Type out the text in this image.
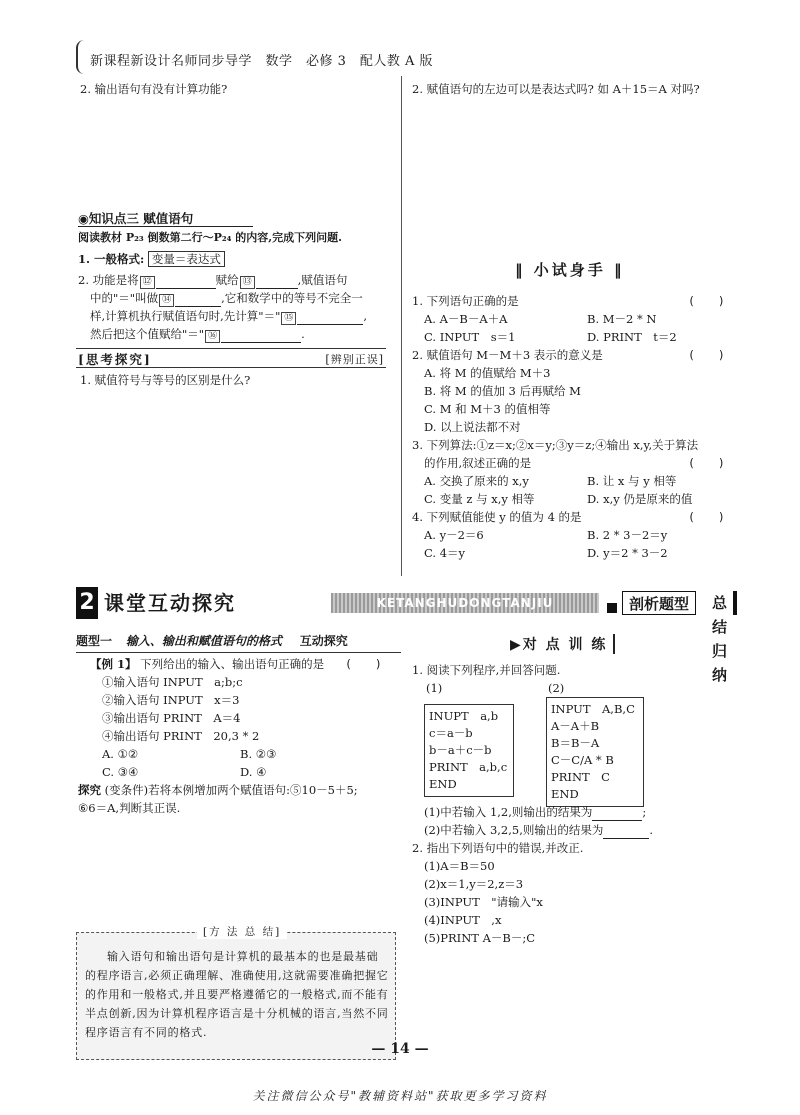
新课程新设计名师同步导学　数学　必修 3　配人教 A 版
2. 输出语句有没有计算功能?	2. 赋值语句的左边可以是表达式吗? 如 A＋15＝A 对吗?
◉知识点三 赋值语句
阅读教材 P₂₃ 倒数第二行～P₂₄ 的内容,完成下列问题.
1. 一般格式: 变量＝表达式
2. 功能是将 ⑫	赋给 ⑬	,赋值语句
中的"＝"叫做 ⑭	,它和数学中的等号不完全一
样,计算机执行赋值语句时,先计算"＝" ⑮	,
然后把这个值赋给"＝" ⑯	.
[思考探究]	[辨别正误]
1. 赋值符号与等号的区别是什么?
‖ 小试身手 ‖
1. 下列语句正确的是	(　　)
A. A－B－A＋A	B. M－2 * N
C. INPUT　s＝1	D. PRINT　t＝2
2. 赋值语句 M－M＋3 表示的意义是	(　　)
A. 将 M 的值赋给 M＋3
B. 将 M 的值加 3 后再赋给 M
C. M 和 M＋3 的值相等
D. 以上说法都不对
3. 下列算法:①z＝x;②x＝y;③y＝z;④输出 x,y,关于算法
的作用,叙述正确的是	(　　)
A. 交换了原来的 x,y	B. 让 x 与 y 相等
C. 变量 z 与 x,y 相等	D. x,y 仍是原来的值
4. 下列赋值能使 y 的值为 4 的是	(　　)
A. y－2＝6	B. 2 * 3－2＝y
C. 4＝y	D. y＝2 * 3－2
2 课堂互动探究	KETANGHUDONGTANJIU	剖析题型	总结归纳
题型一 输入、输出和赋值语句的格式 互动探究
【例 1】 下列给出的输入、输出语句正确的是 (　　)
①输入语句 INPUT　a;b;c
②输入语句 INPUT　x＝3
③输出语句 PRINT　A＝4
④输出语句 PRINT　20,3 * 2
A. ①②	B. ②③
C. ③④	D. ④
探究 (变条件)若将本例增加两个赋值语句:⑤10－5＋5;
⑥6＝A,判断其正误.
[方 法 总 结]
输入语句和输出语句是计算机的最基本的也是最基础的程序语言,必须正确理解、准确使用,这就需要准确把握它的作用和一般格式,并且要严格遵循它的一般格式,而不能有半点创新,因为计算机程序语言是十分机械的语言,当然不同程序语言有不同的格式.
▶对 点 训 练
1. 阅读下列程序,并回答问题.
(1)	(2)
INUPT　a,b
c＝a－b
b－a＋c－b
PRINT　a,b,c
END
INPUT　A,B,C
A－A＋B
B＝B－A
C－C/A * B
PRINT　C
END
(1)中若输入 1,2,则输出的结果为	;
(2)中若输入 3,2,5,则输出的结果为	.
2. 指出下列语句中的错误,并改正.
(1)A＝B＝50
(2)x＝1,y＝2,z＝3
(3)INPUT　"请输入"x
(4)INPUT　,x
(5)PRINT A－B－;C
— 14 —
关注微信公众号"教辅资料站"获取更多学习资料
